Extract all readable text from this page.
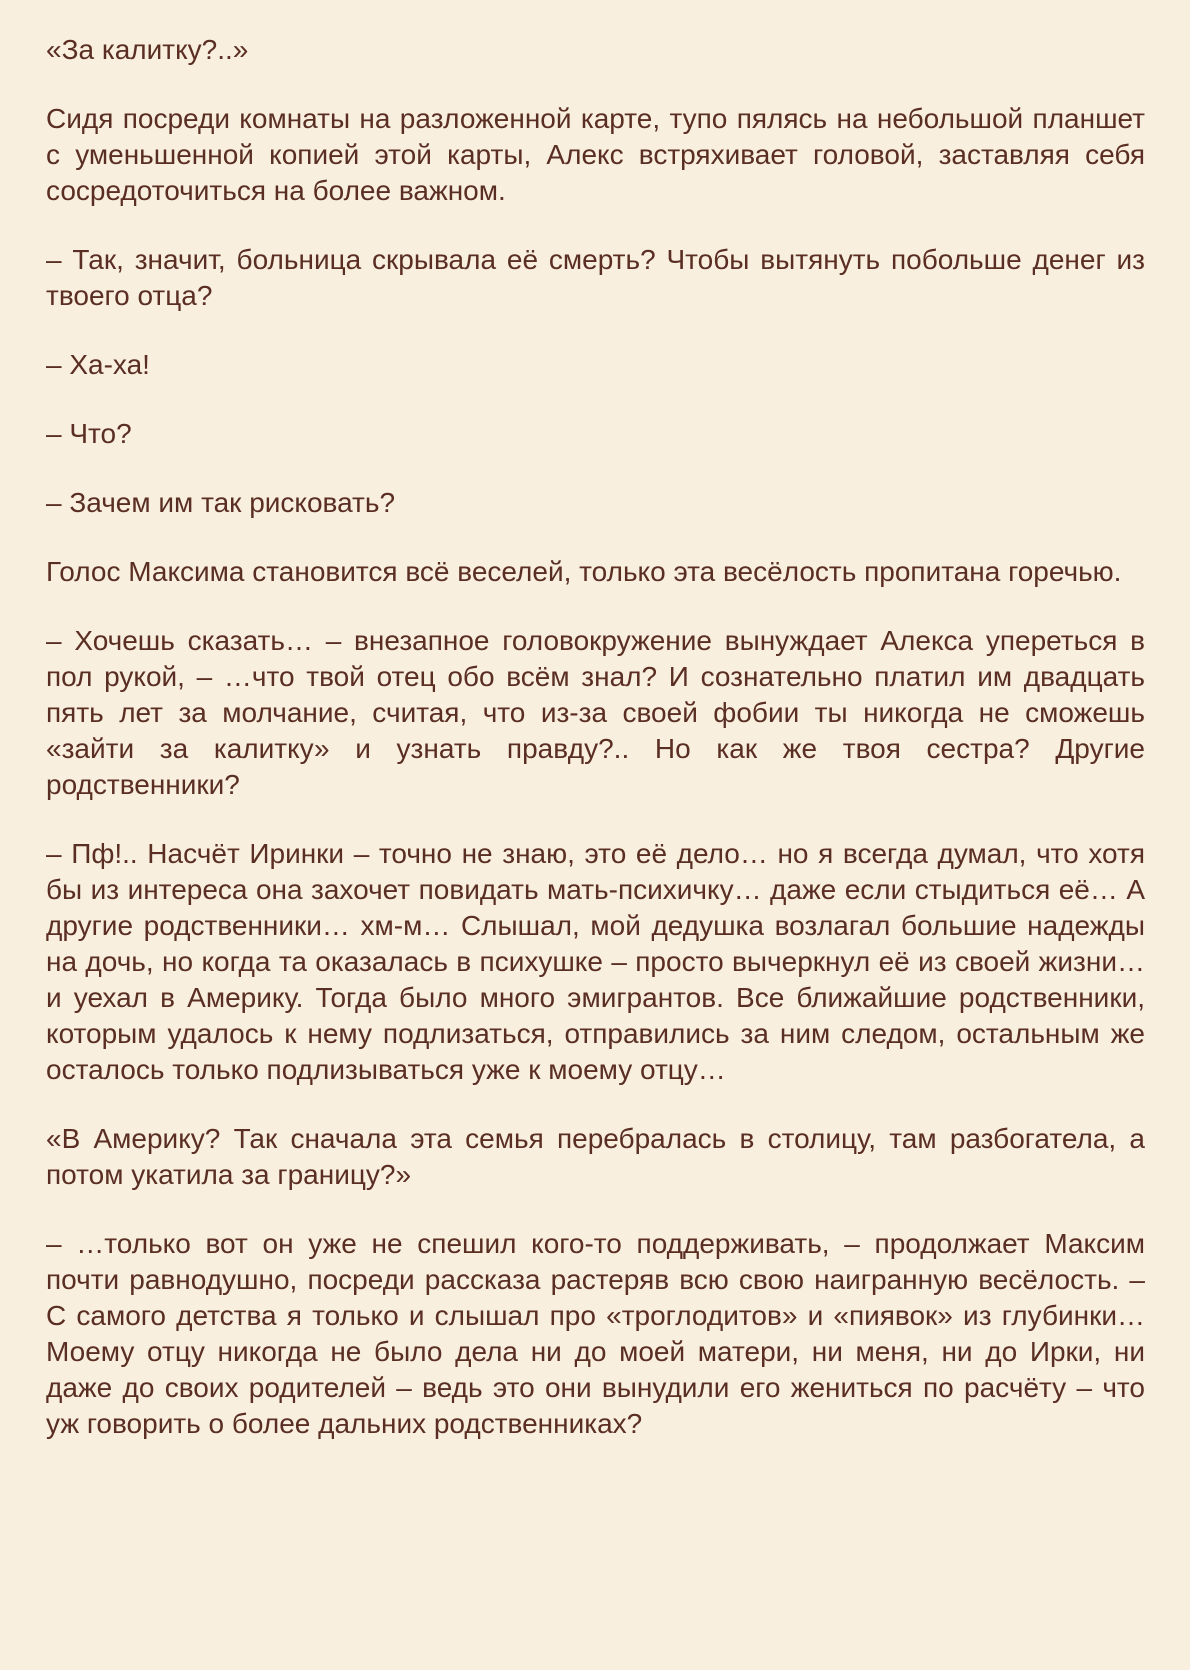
«За калитку?..»

Сидя посреди комнаты на разложенной карте, тупо пялясь на небольшой планшет с уменьшенной копией этой карты, Алекс встряхивает головой, заставляя себя сосредоточиться на более важном.

– Так, значит, больница скрывала её смерть? Чтобы вытянуть побольше денег из твоего отца?

– Ха-ха!

– Что?

– Зачем им так рисковать?

Голос Максима становится всё веселей, только эта весёлость пропитана горечью.

– Хочешь сказать… – внезапное головокружение вынуждает Алекса упереться в пол рукой, – …что твой отец обо всём знал? И сознательно платил им двадцать пять лет за молчание, считая, что из-за своей фобии ты никогда не сможешь «зайти за калитку» и узнать правду?.. Но как же твоя сестра? Другие родственники?

– Пф!.. Насчёт Иринки – точно не знаю, это её дело… но я всегда думал, что хотя бы из интереса она захочет повидать мать-психичку… даже если стыдиться её… А другие родственники… хм-м… Слышал, мой дедушка возлагал большие надежды на дочь, но когда та оказалась в психушке – просто вычеркнул её из своей жизни… и уехал в Америку. Тогда было много эмигрантов. Все ближайшие родственники, которым удалось к нему подлизаться, отправились за ним следом, остальным же осталось только подлизываться уже к моему отцу…

«В Америку? Так сначала эта семья перебралась в столицу, там разбогатела, а потом укатила за границу?»

– …только вот он уже не спешил кого-то поддерживать, – продолжает Максим почти равнодушно, посреди рассказа растеряв всю свою наигранную весёлость. – С самого детства я только и слышал про «троглодитов» и «пиявок» из глубинки… Моему отцу никогда не было дела ни до моей матери, ни меня, ни до Ирки, ни даже до своих родителей – ведь это они вынудили его жениться по расчёту – что уж говорить о более дальних родственниках?
